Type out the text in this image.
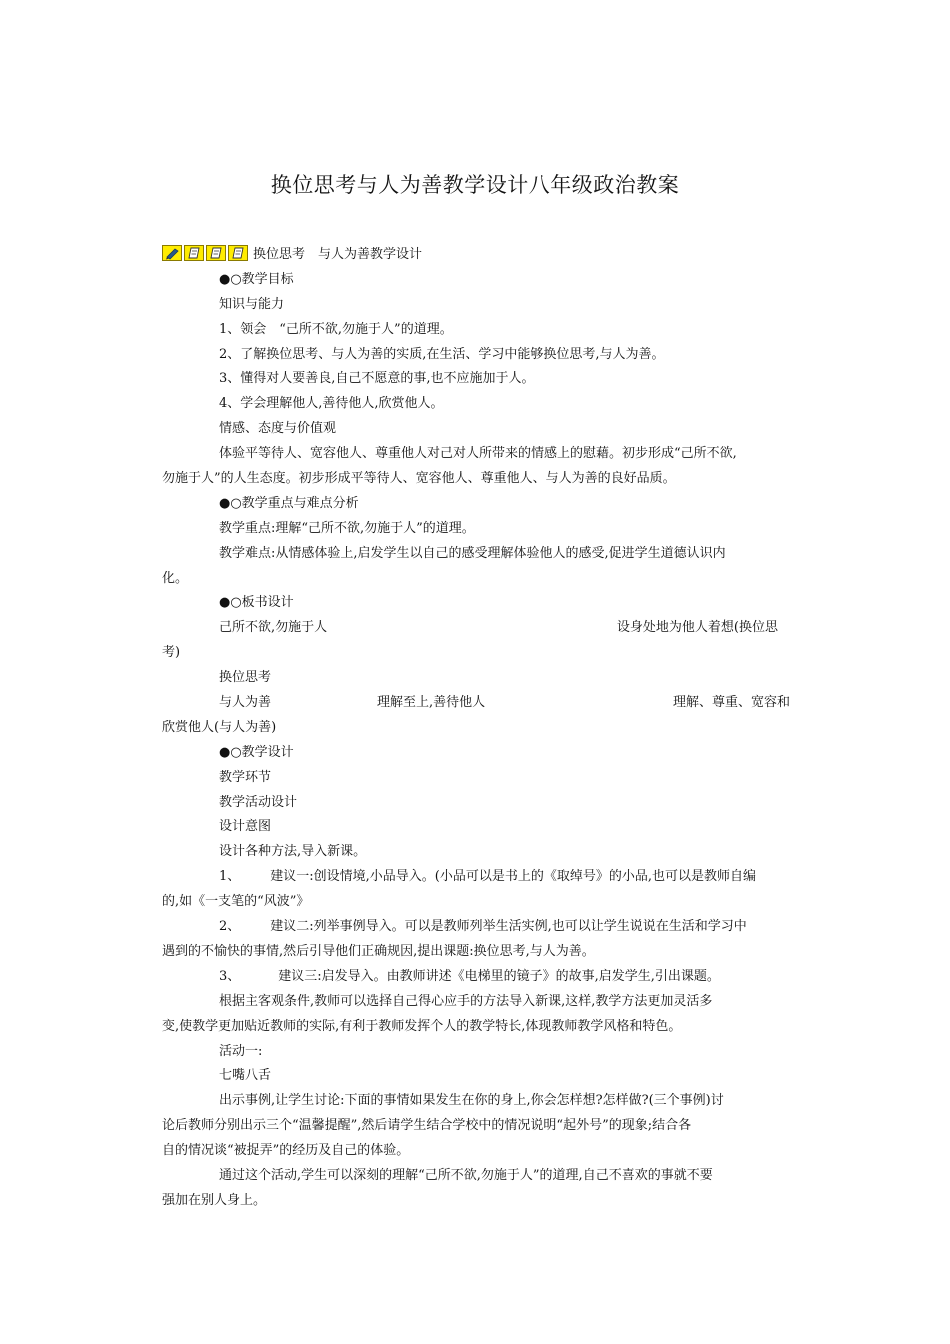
换位思考与人为善教学设计八年级政治教案
换位思考　与人为善教学设计
●○教学目标
知识与能力
1、领会　“己所不欲,勿施于人”的道理。
2、了解换位思考、与人为善的实质,在生活、学习中能够换位思考,与人为善。
3、懂得对人要善良,自己不愿意的事,也不应施加于人。
4、学会理解他人,善待他人,欣赏他人。
情感、态度与价值观
体验平等待人、宽容他人、尊重他人对己对人所带来的情感上的慰藉。初步形成“己所不欲,
勿施于人”的人生态度。初步形成平等待人、宽容他人、尊重他人、与人为善的良好品质。
●○教学重点与难点分析
教学重点:理解“己所不欲,勿施于人”的道理。
教学难点:从情感体验上,启发学生以自己的感受理解体验他人的感受,促进学生道德认识内
化。
●○板书设计
己所不欲,勿施于人	设身处地为他人着想(换位思
考)
换位思考
与人为善	理解至上,善待他人	理解、尊重、宽容和
欣赏他人(与人为善)
●○教学设计
教学环节
教学活动设计
设计意图
设计各种方法,导入新课。
1、 建议一:创设情境,小品导入。(小品可以是书上的《取绰号》的小品,也可以是教师自编
的,如《一支笔的“风波”》
2、 建议二:列举事例导入。可以是教师列举生活实例,也可以让学生说说在生活和学习中
遇到的不愉快的事情,然后引导他们正确规因,提出课题:换位思考,与人为善。
3、	建议三:启发导入。由教师讲述《电梯里的镜子》的故事,启发学生,引出课题。
根据主客观条件,教师可以选择自己得心应手的方法导入新课,这样,教学方法更加灵活多
变,使教学更加贴近教师的实际,有利于教师发挥个人的教学特长,体现教师教学风格和特色。
活动一:
七嘴八舌
出示事例,让学生讨论:下面的事情如果发生在你的身上,你会怎样想?怎样做?(三个事例)讨
论后教师分别出示三个“温馨提醒”,然后请学生结合学校中的情况说明“起外号”的现象;结合各
自的情况谈“被捉弄”的经历及自己的体验。
通过这个活动,学生可以深刻的理解“己所不欲,勿施于人”的道理,自己不喜欢的事就不要
强加在别人身上。
